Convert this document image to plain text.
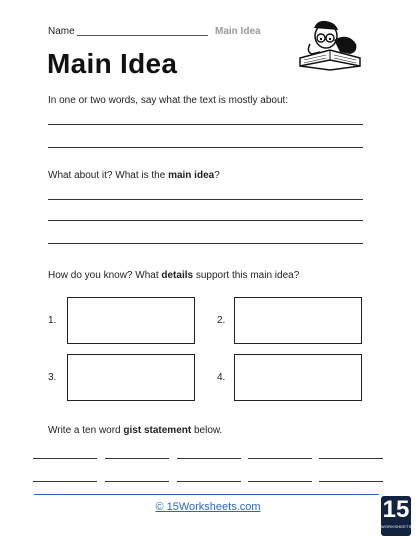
Name	Main Idea
Main Idea
In one or two words, say what the text is mostly about:
What about it? What is the main idea?
How do you know? What details support this main idea?
1.	2.
3.	4.
Write a ten word gist statement below.
© 15Worksheets.com	15
WORKSHEETS
